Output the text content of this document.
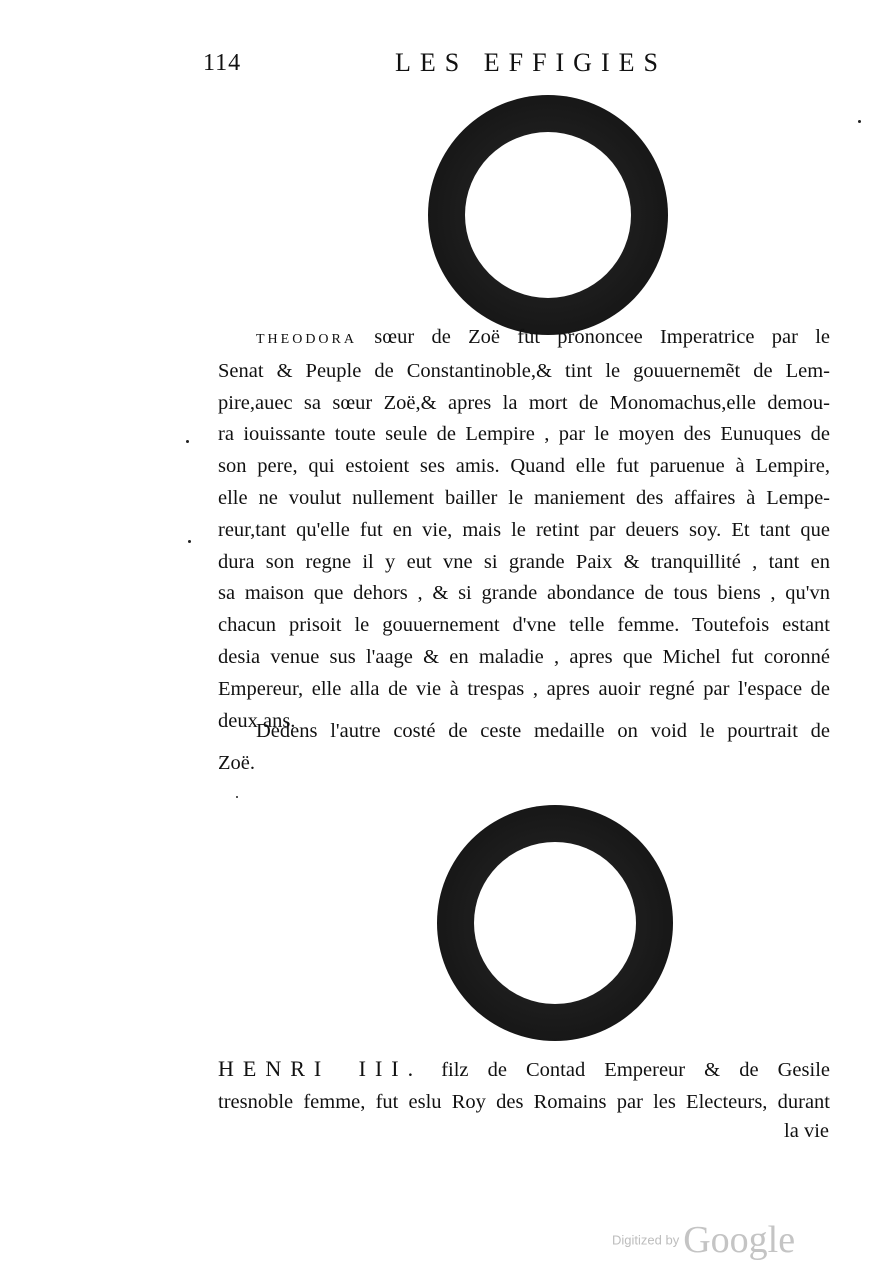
114	LES EFFIGIES
THEODORA sœur de Zoë fut prononcee Imperatrice par le
Senat & Peuple de Constantinoble,& tint le gouuernemẽt de Lem-
pire,auec sa sœur Zoë,& apres la mort de Monomachus,elle demou-
ra iouissante toute seule de Lempire , par le moyen des Eunuques de
son pere, qui estoient ses amis. Quand elle fut paruenue à Lempire,
elle ne voulut nullement bailler le maniement des affaires à Lempe-
reur,tant qu'elle fut en vie, mais le retint par deuers soy. Et tant que
dura son regne il y eut vne si grande Paix & tranquillité , tant en
sa maison que dehors , & si grande abondance de tous biens , qu'vn
chacun prisoit le gouuernement d'vne telle femme. Toutefois estant
desia venue sus l'aage & en maladie , apres que Michel fut coronné
Empereur, elle alla de vie à trespas , apres auoir regné par l'espace de
deux ans.
Dedens l'autre costé de ceste medaille on void le pourtrait de
Zoë.
HENRI III. filz de Contad Empereur & de Gesile
tresnoble femme, fut eslu Roy des Romains par les Electeurs, durant
la vie
Digitized by Google
